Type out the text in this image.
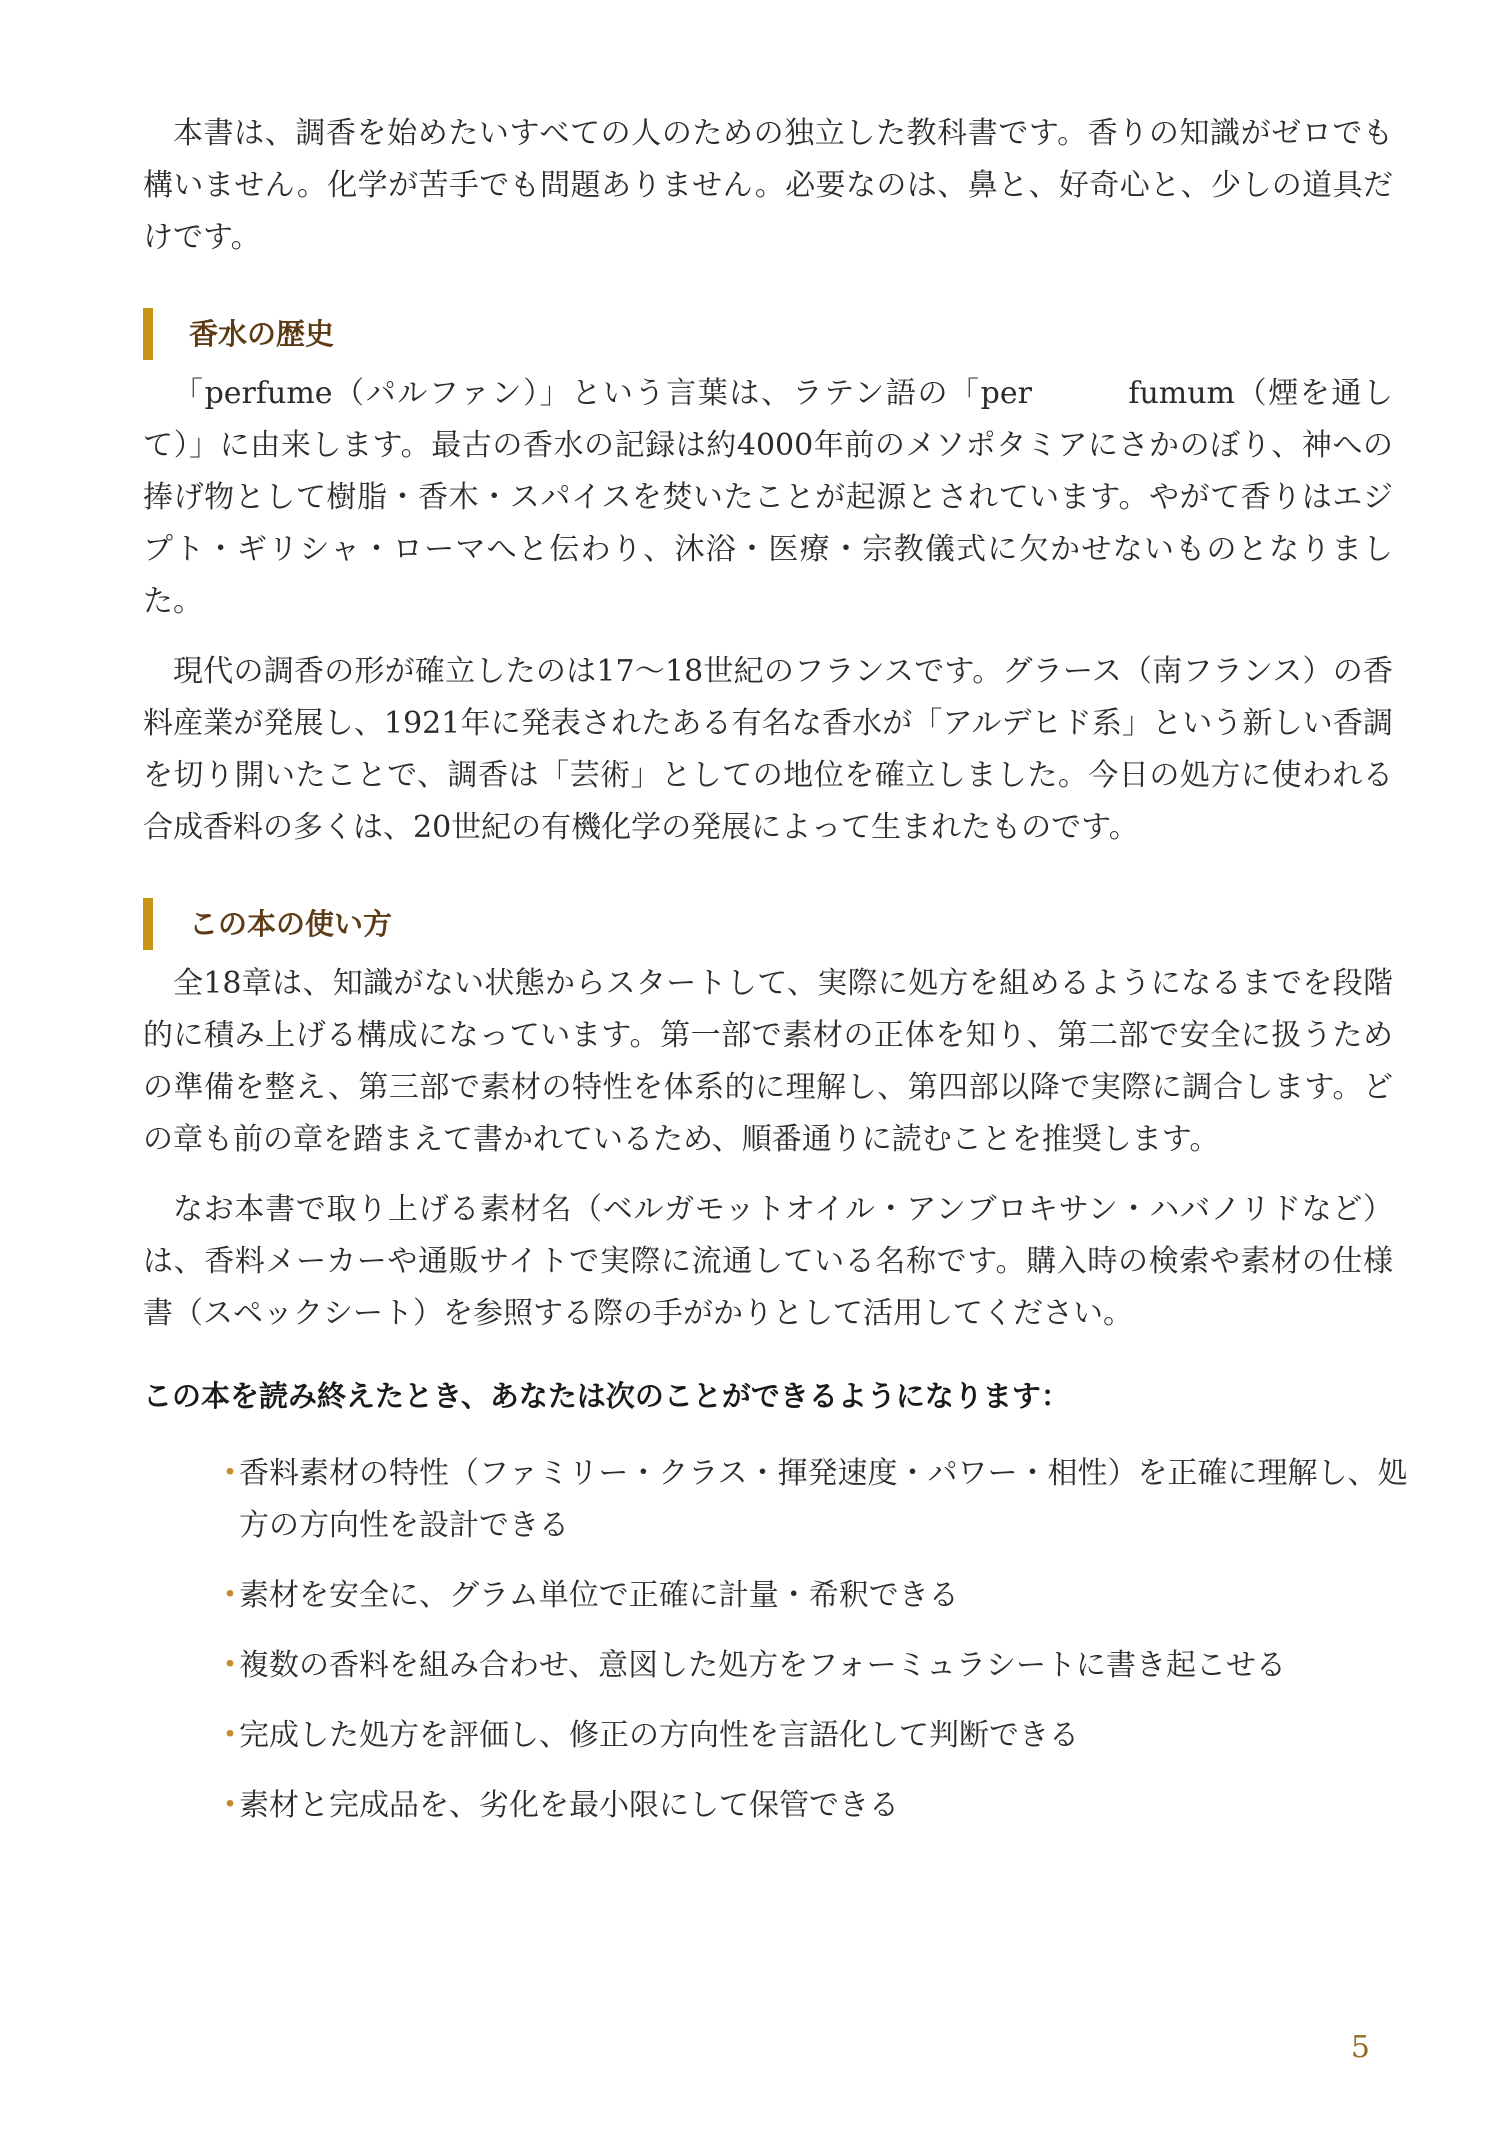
本書は、調香を始めたいすべての人のための独立した教科書です。香りの知識がゼロでも構いません。化学が苦手でも問題ありません。必要なのは、鼻と、好奇心と、少しの道具だけです。

香水の歴史

「perfume（パルファン）」という言葉は、ラテン語の「per　　　fumum（煙を通して）」に由来します。最古の香水の記録は約4000年前のメソポタミアにさかのぼり、神への捧げ物として樹脂・香木・スパイスを焚いたことが起源とされています。やがて香りはエジプト・ギリシャ・ローマへと伝わり、沐浴・医療・宗教儀式に欠かせないものとなりました。

現代の調香の形が確立したのは17〜18世紀のフランスです。グラース（南フランス）の香料産業が発展し、1921年に発表されたある有名な香水が「アルデヒド系」という新しい香調を切り開いたことで、調香は「芸術」としての地位を確立しました。今日の処方に使われる合成香料の多くは、20世紀の有機化学の発展によって生まれたものです。

この本の使い方

全18章は、知識がない状態からスタートして、実際に処方を組めるようになるまでを段階的に積み上げる構成になっています。第一部で素材の正体を知り、第二部で安全に扱うための準備を整え、第三部で素材の特性を体系的に理解し、第四部以降で実際に調合します。どの章も前の章を踏まえて書かれているため、順番通りに読むことを推奨します。

なお本書で取り上げる素材名（ベルガモットオイル・アンブロキサン・ハバノリドなど）は、香料メーカーや通販サイトで実際に流通している名称です。購入時の検索や素材の仕様書（スペックシート）を参照する際の手がかりとして活用してください。

この本を読み終えたとき、あなたは次のことができるようになります：

・
香料素材の特性（ファミリー・クラス・揮発速度・パワー・相性）を正確に理解し、処方の方向性を設計できる
・
素材を安全に、グラム単位で正確に計量・希釈できる
・
複数の香料を組み合わせ、意図した処方をフォーミュラシートに書き起こせる
・
完成した処方を評価し、修正の方向性を言語化して判断できる
・
素材と完成品を、劣化を最小限にして保管できる
5
